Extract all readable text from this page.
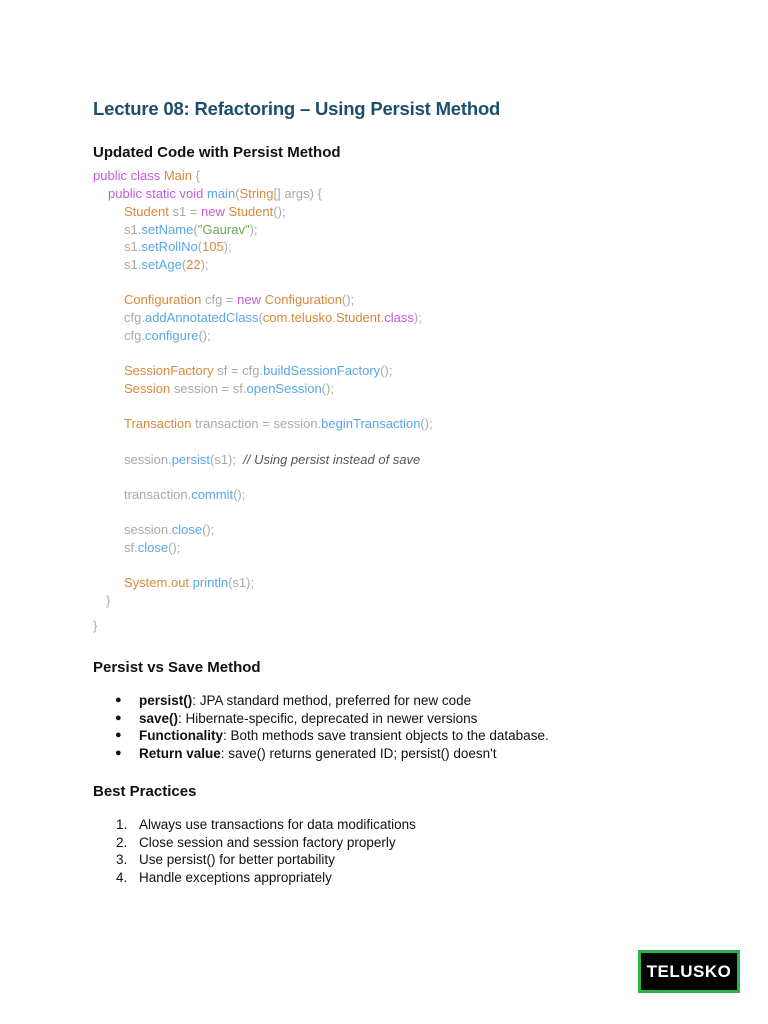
Lecture 08: Refactoring – Using Persist Method
Updated Code with Persist Method
public class Main {
public static void main(String[] args) {
Student s1 = new Student();
s1.setName("Gaurav");
s1.setRollNo(105);
s1.setAge(22);
Configuration cfg = new Configuration();
cfg.addAnnotatedClass(com.telusko.Student.class);
cfg.configure();
SessionFactory sf = cfg.buildSessionFactory();
Session session = sf.openSession();
Transaction transaction = session.beginTransaction();
session.persist(s1);  // Using persist instead of save
transaction.commit();
session.close();
sf.close();
System.out.println(s1);
}
}
Persist vs Save Method
● persist(): JPA standard method, preferred for new code
● save(): Hibernate-specific, deprecated in newer versions
● Functionality: Both methods save transient objects to the database.
● Return value: save() returns generated ID; persist() doesn't
Best Practices
1. Always use transactions for data modifications
2. Close session and session factory properly
3. Use persist() for better portability
4. Handle exceptions appropriately
TELUSKO
